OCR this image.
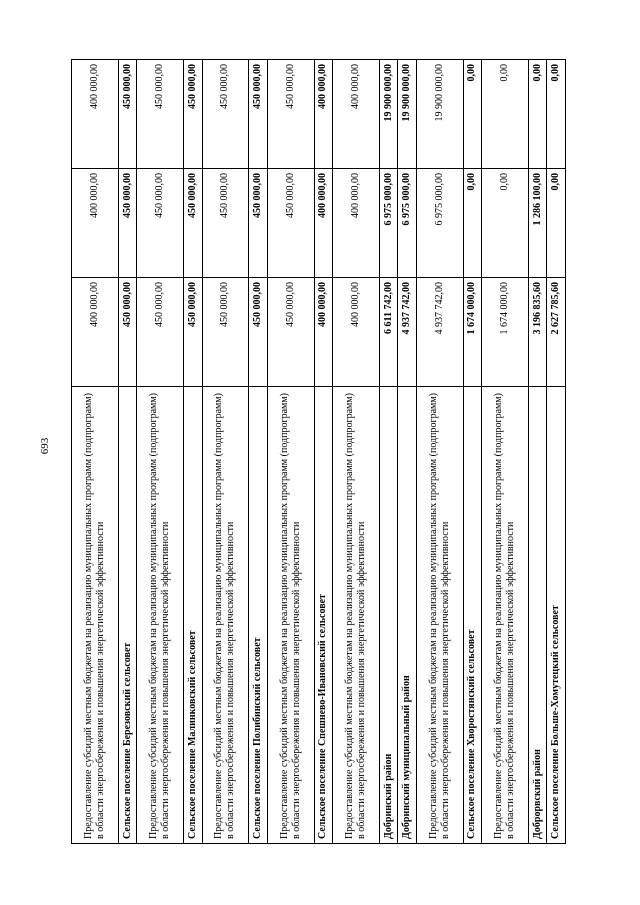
693	Предоставление субсидий местным бюджетам на реализацию муниципальных программ (подпрограмм) в области энергосбережения и повышения энергетической эффективности	400 000,00	400 000,00	400 000,00
Сельское поселение Березовский сельсовет	450 000,00	450 000,00	450 000,00
Предоставление субсидий местным бюджетам на реализацию муниципальных программ (подпрограмм) в области энергосбережения и повышения энергетической эффективности	450 000,00	450 000,00	450 000,00
Сельское поселение Малинковский сельсовет	450 000,00	450 000,00	450 000,00
Предоставление субсидий местным бюджетам на реализацию муниципальных программ (подпрограмм) в области энергосбережения и повышения энергетической эффективности	450 000,00	450 000,00	450 000,00
Сельское поселение Полибинский сельсовет	450 000,00	450 000,00	450 000,00
Предоставление субсидий местным бюджетам на реализацию муниципальных программ (подпрограмм) в области энергосбережения и повышения энергетической эффективности	450 000,00	450 000,00	450 000,00
Сельское поселение Спешнево-Ивановский сельсовет	400 000,00	400 000,00	400 000,00
Предоставление субсидий местным бюджетам на реализацию муниципальных программ (подпрограмм) в области энергосбережения и повышения энергетической эффективности	400 000,00	400 000,00	400 000,00
Добринский район	6 611 742,00	6 975 000,00	19 900 000,00
Добринский муниципальный район	4 937 742,00	6 975 000,00	19 900 000,00
Предоставление субсидий местным бюджетам на реализацию муниципальных программ (подпрограмм) в области энергосбережения и повышения энергетической эффективности	4 937 742,00	6 975 000,00	19 900 000,00
Сельское поселение Хворостянский сельсовет	1 674 000,00	0,00	0,00
Предоставление субсидий местным бюджетам на реализацию муниципальных программ (подпрограмм) в области энергосбережения и повышения энергетической эффективности	1 674 000,00	0,00	0,00
Доброрвский район	3 196 835,60	1 286 100,00	0,00
Сельское поселение Больше-Хомутецкий сельсовет	2 627 785,60	0,00	0,00
